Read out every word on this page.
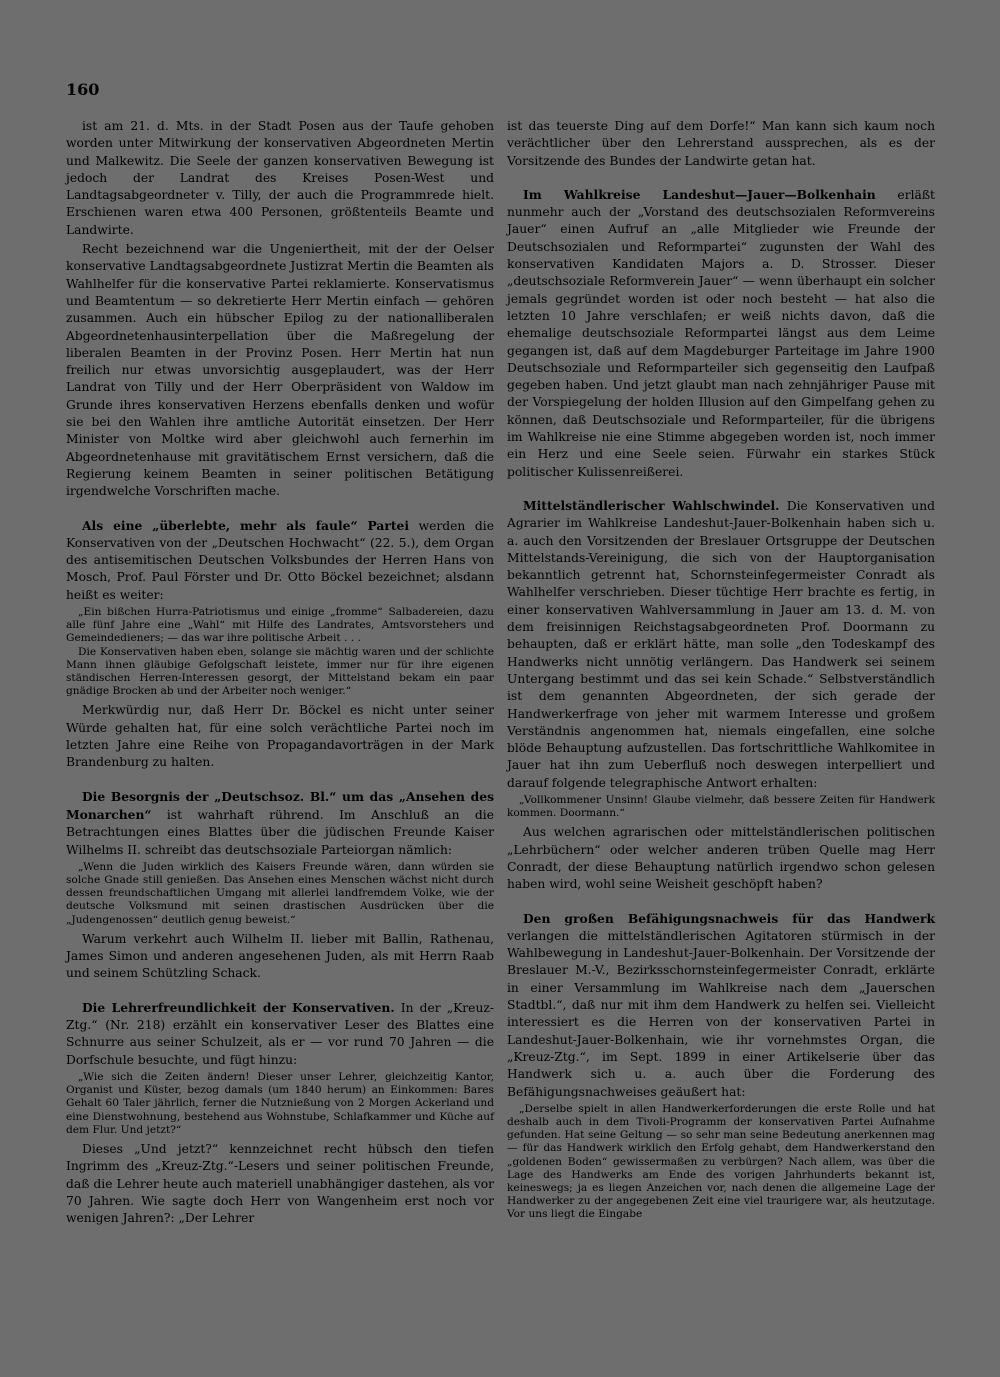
160

ist am 21. d. Mts. in der Stadt Posen aus der Taufe gehoben worden unter Mitwirkung der konservativen Abgeordneten Mertin und Malkewitz. Die Seele der ganzen konservativen Bewegung ist jedoch der Landrat des Kreises Posen-West und Landtagsabgeordneter v. Tilly, der auch die Programmrede hielt. Erschienen waren etwa 400 Personen, größtenteils Beamte und Landwirte.

Recht bezeichnend war die Ungeniertheit, mit der der Oelser konservative Landtagsabgeordnete Justizrat Mertin die Beamten als Wahlhelfer für die konservative Partei reklamierte. Konservatismus und Beamtentum — so dekretierte Herr Mertin einfach — gehören zusammen. Auch ein hübscher Epilog zu der nationalliberalen Abgeordnetenhausinterpellation über die Maßregelung der liberalen Beamten in der Provinz Posen. Herr Mertin hat nun freilich nur etwas unvorsichtig ausgeplaudert, was der Herr Landrat von Tilly und der Herr Oberpräsident von Waldow im Grunde ihres konservativen Herzens ebenfalls denken und wofür sie bei den Wahlen ihre amtliche Autorität einsetzen. Der Herr Minister von Moltke wird aber gleichwohl auch fernerhin im Abgeordnetenhause mit gravitätischem Ernst versichern, daß die Regierung keinem Beamten in seiner politischen Betätigung irgendwelche Vorschriften mache.

Als eine „überlebte, mehr als faule“ Partei werden die Konservativen von der „Deutschen Hochwacht“ (22. 5.), dem Organ des antisemitischen Deutschen Volksbundes der Herren Hans von Mosch, Prof. Paul Förster und Dr. Otto Böckel bezeichnet; alsdann heißt es weiter:

„Ein bißchen Hurra-Patriotismus und einige „fromme“ Salbadereien, dazu alle fünf Jahre eine „Wahl“ mit Hilfe des Landrates, Amtsvorstehers und Gemeindedieners; — das war ihre politische Arbeit . . .

Die Konservativen haben eben, solange sie mächtig waren und der schlichte Mann ihnen gläubige Gefolgschaft leistete, immer nur für ihre eigenen ständischen Herren-Interessen gesorgt, der Mittelstand bekam ein paar gnädige Brocken ab und der Arbeiter noch weniger.“

Merkwürdig nur, daß Herr Dr. Böckel es nicht unter seiner Würde gehalten hat, für eine solch verächtliche Partei noch im letzten Jahre eine Reihe von Propagandavorträgen in der Mark Brandenburg zu halten.

Die Besorgnis der „Deutschsoz. Bl.“ um das „Ansehen des Monarchen“ ist wahrhaft rührend. Im Anschluß an die Betrachtungen eines Blattes über die jüdischen Freunde Kaiser Wilhelms II. schreibt das deutschsoziale Parteiorgan nämlich:

„Wenn die Juden wirklich des Kaisers Freunde wären, dann würden sie solche Gnade still genießen. Das Ansehen eines Menschen wächst nicht durch dessen freundschaftlichen Umgang mit allerlei landfremdem Volke, wie der deutsche Volksmund mit seinen drastischen Ausdrücken über die „Judengenossen“ deutlich genug beweist.“

Warum verkehrt auch Wilhelm II. lieber mit Ballin, Rathenau, James Simon und anderen angesehenen Juden, als mit Herrn Raab und seinem Schützling Schack.

Die Lehrerfreundlichkeit der Konservativen. In der „Kreuz-Ztg.“ (Nr. 218) erzählt ein konservativer Leser des Blattes eine Schnurre aus seiner Schulzeit, als er — vor rund 70 Jahren — die Dorfschule besuchte, und fügt hinzu:

„Wie sich die Zeiten ändern! Dieser unser Lehrer, gleichzeitig Kantor, Organist und Küster, bezog damals (um 1840 herum) an Einkommen: Bares Gehalt 60 Taler jährlich, ferner die Nutznießung von 2 Morgen Ackerland und eine Dienstwohnung, bestehend aus Wohnstube, Schlafkammer und Küche auf dem Flur. Und jetzt?“

Dieses „Und jetzt?“ kennzeichnet recht hübsch den tiefen Ingrimm des „Kreuz-Ztg.“-Lesers und seiner politischen Freunde, daß die Lehrer heute auch materiell unabhängiger dastehen, als vor 70 Jahren. Wie sagte doch Herr von Wangenheim erst noch vor wenigen Jahren?: „Der Lehrer

ist das teuerste Ding auf dem Dorfe!“ Man kann sich kaum noch verächtlicher über den Lehrerstand aussprechen, als es der Vorsitzende des Bundes der Landwirte getan hat.

Im Wahlkreise Landeshut—Jauer—Bolkenhain erläßt nunmehr auch der „Vorstand des deutschsozialen Reformvereins Jauer“ einen Aufruf an „alle Mitglieder wie Freunde der Deutschsozialen und Reformpartei“ zugunsten der Wahl des konservativen Kandidaten Majors a. D. Strosser. Dieser „deutschsoziale Reformverein Jauer“ — wenn überhaupt ein solcher jemals gegründet worden ist oder noch besteht — hat also die letzten 10 Jahre verschlafen; er weiß nichts davon, daß die ehemalige deutschsoziale Reformpartei längst aus dem Leime gegangen ist, daß auf dem Magdeburger Parteitage im Jahre 1900 Deutschsoziale und Reformparteiler sich gegenseitig den Laufpaß gegeben haben. Und jetzt glaubt man nach zehnjähriger Pause mit der Vorspiegelung der holden Illusion auf den Gimpelfang gehen zu können, daß Deutschsoziale und Reformparteiler, für die übrigens im Wahlkreise nie eine Stimme abgegeben worden ist, noch immer ein Herz und eine Seele seien. Fürwahr ein starkes Stück politischer Kulissenreißerei.

Mittelständlerischer Wahlschwindel. Die Konservativen und Agrarier im Wahlkreise Landeshut-Jauer-Bolkenhain haben sich u. a. auch den Vorsitzenden der Breslauer Ortsgruppe der Deutschen Mittelstands-Vereinigung, die sich von der Hauptorganisation bekanntlich getrennt hat, Schornsteinfegermeister Conradt als Wahlhelfer verschrieben. Dieser tüchtige Herr brachte es fertig, in einer konservativen Wahlversammlung in Jauer am 13. d. M. von dem freisinnigen Reichstagsabgeordneten Prof. Doormann zu behaupten, daß er erklärt hätte, man solle „den Todeskampf des Handwerks nicht unnötig verlängern. Das Handwerk sei seinem Untergang bestimmt und das sei kein Schade.“ Selbstverständlich ist dem genannten Abgeordneten, der sich gerade der Handwerkerfrage von jeher mit warmem Interesse und großem Verständnis angenommen hat, niemals eingefallen, eine solche blöde Behauptung aufzustellen. Das fortschrittliche Wahlkomitee in Jauer hat ihn zum Ueberfluß noch deswegen interpelliert und darauf folgende telegraphische Antwort erhalten:

„Vollkommener Unsinn! Glaube vielmehr, daß bessere Zeiten für Handwerk kommen. Doormann.“

Aus welchen agrarischen oder mittelständlerischen politischen „Lehrbüchern“ oder welcher anderen trüben Quelle mag Herr Conradt, der diese Behauptung natürlich irgendwo schon gelesen haben wird, wohl seine Weisheit geschöpft haben?

Den großen Befähigungsnachweis für das Handwerk verlangen die mittelständlerischen Agitatoren stürmisch in der Wahlbewegung in Landeshut-Jauer-Bolkenhain. Der Vorsitzende der Breslauer M.-V., Bezirksschornsteinfegermeister Conradt, erklärte in einer Versammlung im Wahlkreise nach dem „Jauerschen Stadtbl.“, daß nur mit ihm dem Handwerk zu helfen sei. Vielleicht interessiert es die Herren von der konservativen Partei in Landeshut-Jauer-Bolkenhain, wie ihr vornehmstes Organ, die „Kreuz-Ztg.“, im Sept. 1899 in einer Artikelserie über das Handwerk sich u. a. auch über die Forderung des Befähigungsnachweises geäußert hat:

„Derselbe spielt in allen Handwerkerforderungen die erste Rolle und hat deshalb auch in dem Tivoli-Programm der konservativen Partei Aufnahme gefunden. Hat seine Geltung — so sehr man seine Bedeutung anerkennen mag — für das Handwerk wirklich den Erfolg gehabt, dem Handwerkerstand den „goldenen Boden“ gewissermaßen zu verbürgen? Nach allem, was über die Lage des Handwerks am Ende des vorigen Jahrhunderts bekannt ist, keineswegs; ja es liegen Anzeichen vor, nach denen die allgemeine Lage der Handwerker zu der angegebenen Zeit eine viel traurigere war, als heutzutage. Vor uns liegt die Eingabe
